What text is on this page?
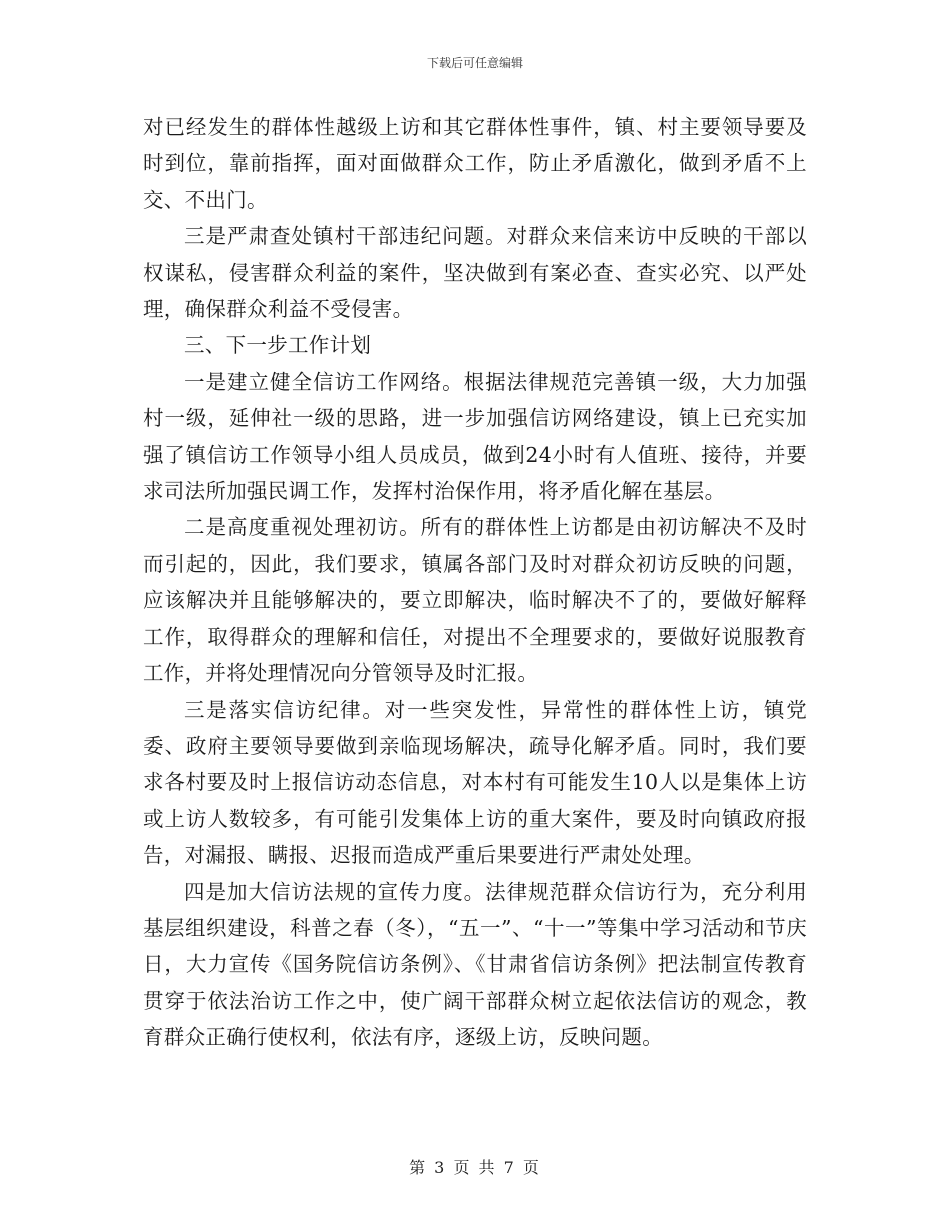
下载后可任意编辑

对已经发生的群体性越级上访和其它群体性事件，镇、村主要领导要及时到位，靠前指挥，面对面做群众工作，防止矛盾激化，做到矛盾不上交、不出门。

三是严肃查处镇村干部违纪问题。对群众来信来访中反映的干部以权谋私，侵害群众利益的案件，坚决做到有案必查、查实必究、以严处理，确保群众利益不受侵害。

三、下一步工作计划

一是建立健全信访工作网络。根据法律规范完善镇一级，大力加强村一级，延伸社一级的思路，进一步加强信访网络建设，镇上已充实加强了镇信访工作领导小组人员成员，做到24小时有人值班、接待，并要求司法所加强民调工作，发挥村治保作用，将矛盾化解在基层。

二是高度重视处理初访。所有的群体性上访都是由初访解决不及时而引起的，因此，我们要求，镇属各部门及时对群众初访反映的问题，应该解决并且能够解决的，要立即解决，临时解决不了的，要做好解释工作，取得群众的理解和信任，对提出不全理要求的，要做好说服教育工作，并将处理情况向分管领导及时汇报。

三是落实信访纪律。对一些突发性，异常性的群体性上访，镇党委、政府主要领导要做到亲临现场解决，疏导化解矛盾。同时，我们要求各村要及时上报信访动态信息，对本村有可能发生10人以是集体上访或上访人数较多，有可能引发集体上访的重大案件，要及时向镇政府报告，对漏报、瞒报、迟报而造成严重后果要进行严肃处处理。

四是加大信访法规的宣传力度。法律规范群众信访行为，充分利用基层组织建设，科普之春（冬），“五一”、“十一”等集中学习活动和节庆日，大力宣传《国务院信访条例》、《甘肃省信访条例》把法制宣传教育贯穿于依法治访工作之中，使广阔干部群众树立起依法信访的观念，教育群众正确行使权利，依法有序，逐级上访，反映问题。

第 3 页 共 7 页
